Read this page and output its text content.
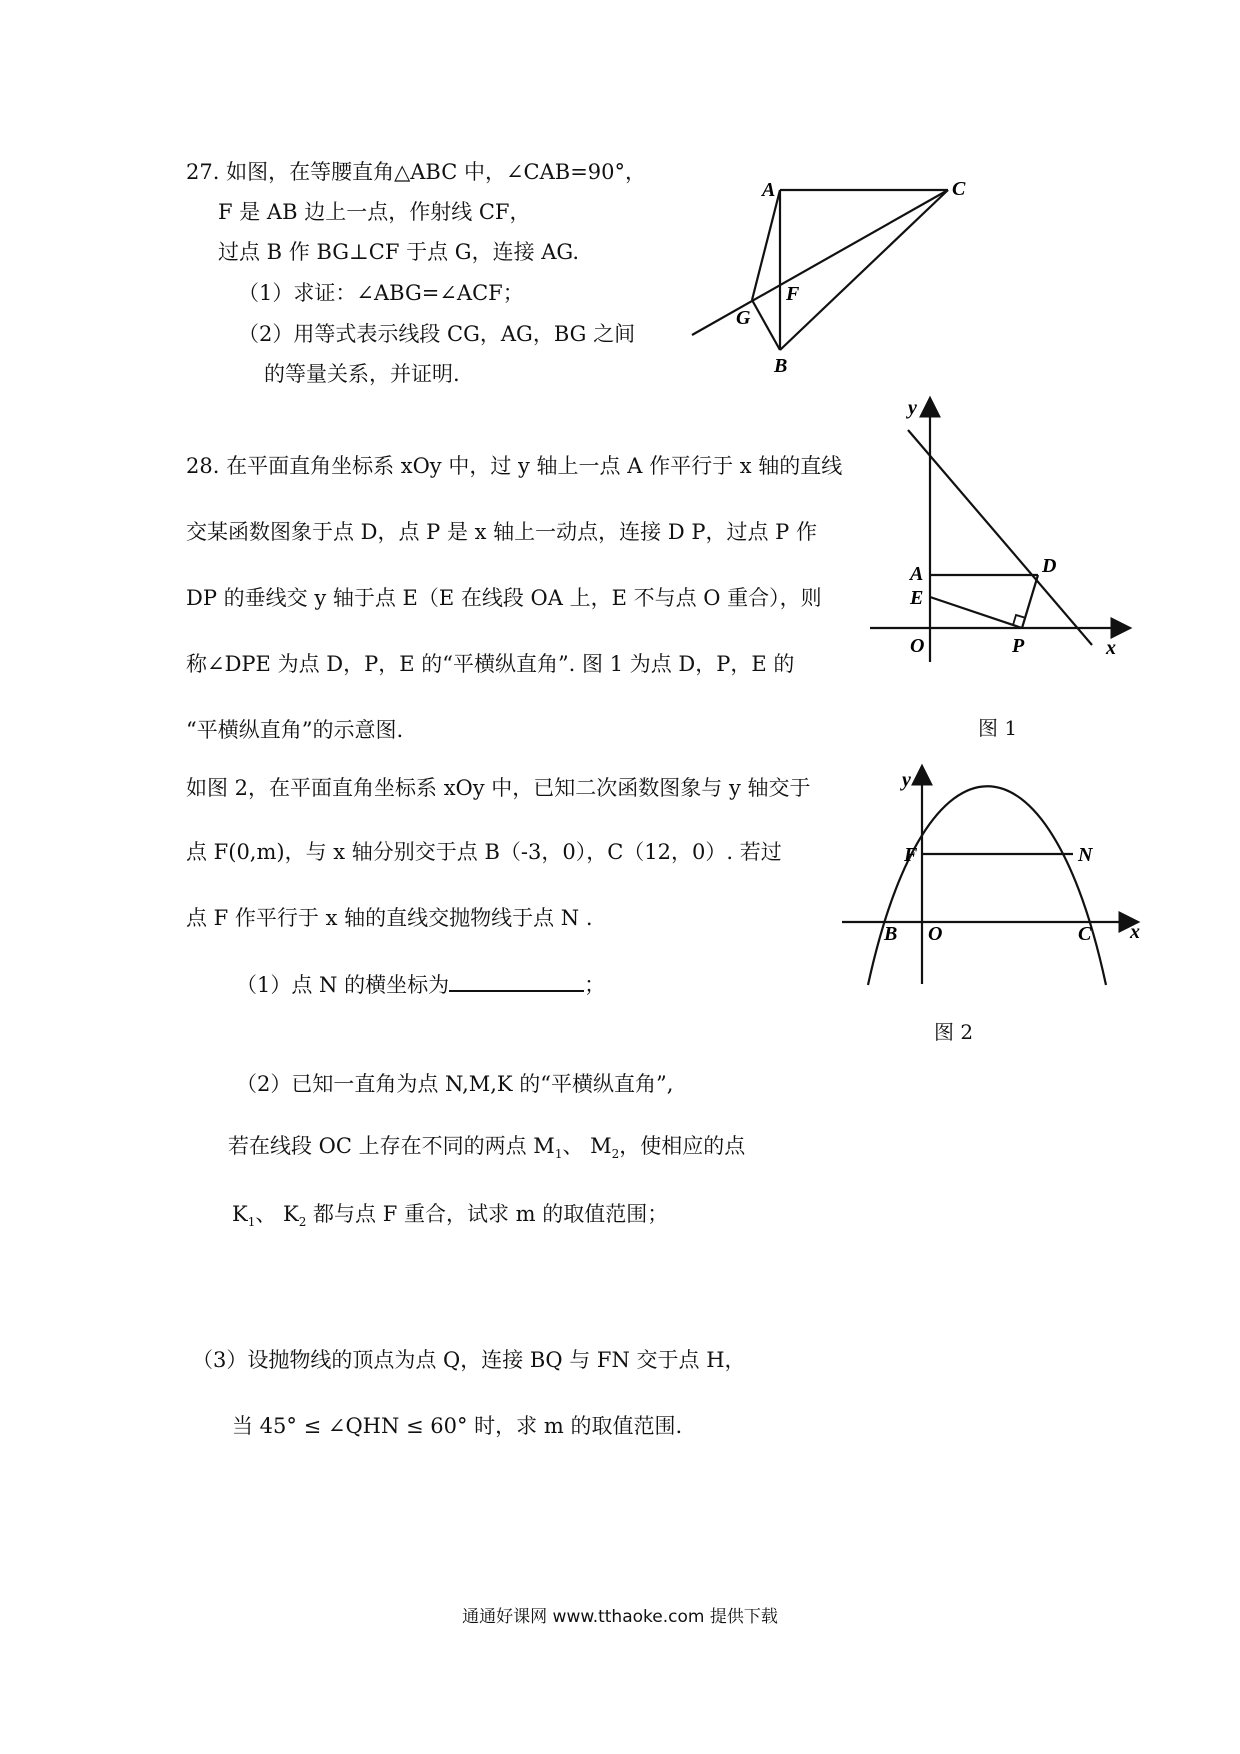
27. 如图，在等腰直角△ABC 中，∠CAB=90°，
F 是 AB 边上一点，作射线 CF，
过点 B 作 BG⊥CF 于点 G，连接 AG.
（1）求证：∠ABG=∠ACF；
（2）用等式表示线段 CG，AG，BG 之间
的等量关系，并证明.
A	C
F
G
B
28. 在平面直角坐标系 xOy 中，过 y 轴上一点 A 作平行于 x 轴的直线
交某函数图象于点 D，点 P 是 x 轴上一动点，连接 D P，过点 P 作
DP 的垂线交 y 轴于点 E（E 在线段 OA 上，E 不与点 O 重合），则
称∠DPE 为点 D，P，E 的“平横纵直角”. 图 1 为点 D，P，E 的
“平横纵直角”的示意图.
如图 2，在平面直角坐标系 xOy 中，已知二次函数图象与 y 轴交于
点 F(0,m)，与 x 轴分别交于点 B（-3，0），C（12，0）. 若过
点 F 作平行于 x 轴的直线交抛物线于点 N .
（1）点 N 的横坐标为	；
（2）已知一直角为点 N,M,K 的“平横纵直角”,
若在线段 OC 上存在不同的两点 $M_1$、 $M_2$，使相应的点
$K_1$、 $K_2$ 都与点 F 重合，试求 m 的取值范围；
（3）设抛物线的顶点为点 Q，连接 BQ 与 FN 交于点 H，
当 45° ≤ ∠QHN ≤ 60° 时，求 m 的取值范围.
y
x
A	D
E
O	P
图 1
y
x
F	N
B O	C
图 2
通通好课网 www.tthaoke.com 提供下载
